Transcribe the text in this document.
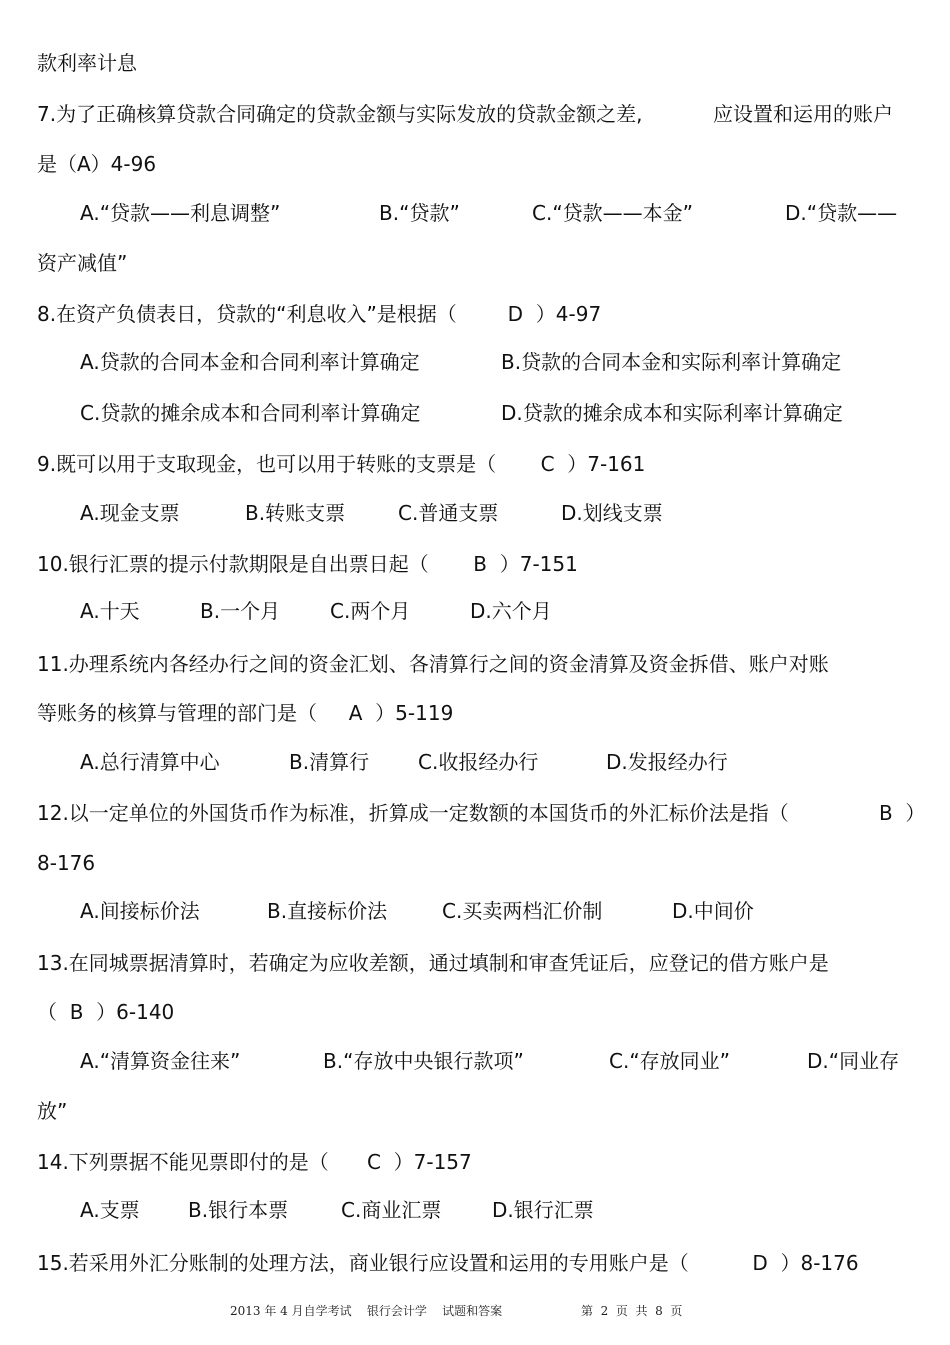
款利率计息
7.为了正确核算贷款合同确定的贷款金额与实际发放的贷款金额之差,	应设置和运用的账户
是（A）4-96
A.“贷款——利息调整”	B.“贷款”	C.“贷款——本金”	D.“贷款——
资产减值”
8.在资产负债表日，贷款的“利息收入”是根据（        D  ）4-97
A.贷款的合同本金和合同利率计算确定	B.贷款的合同本金和实际利率计算确定
C.贷款的摊余成本和合同利率计算确定	D.贷款的摊余成本和实际利率计算确定
9.既可以用于支取现金，也可以用于转账的支票是（       C  ）7-161
A.现金支票	B.转账支票	C.普通支票	D.划线支票
10.银行汇票的提示付款期限是自出票日起（       B  ）7-151
A.十天	B.一个月 C.两个月	D.六个月
11.办理系统内各经办行之间的资金汇划、各清算行之间的资金清算及资金拆借、账户对账
等账务的核算与管理的部门是（     A  ）5-119
A.总行清算中心	B.清算行 C.收报经办行	D.发报经办行
12.以一定单位的外国货币作为标准，折算成一定数额的本国货币的外汇标价法是指（	B  ）
8-176
A.间接标价法	B.直接标价法	C.买卖两档汇价制	D.中间价
13.在同城票据清算时，若确定为应收差额，通过填制和审查凭证后，应登记的借方账户是
（  B  ）6-140
A.“清算资金往来”	B.“存放中央银行款项”	C.“存放同业”	D.“同业存
放”
14.下列票据不能见票即付的是（      C  ）7-157
A.支票 B.银行本票	C.商业汇票	D.银行汇票
15.若采用外汇分账制的处理方法，商业银行应设置和运用的专用账户是（          D  ）8-176
2013 年 4 月自学考试    银行会计学    试题和答案	第  2  页  共  8  页
